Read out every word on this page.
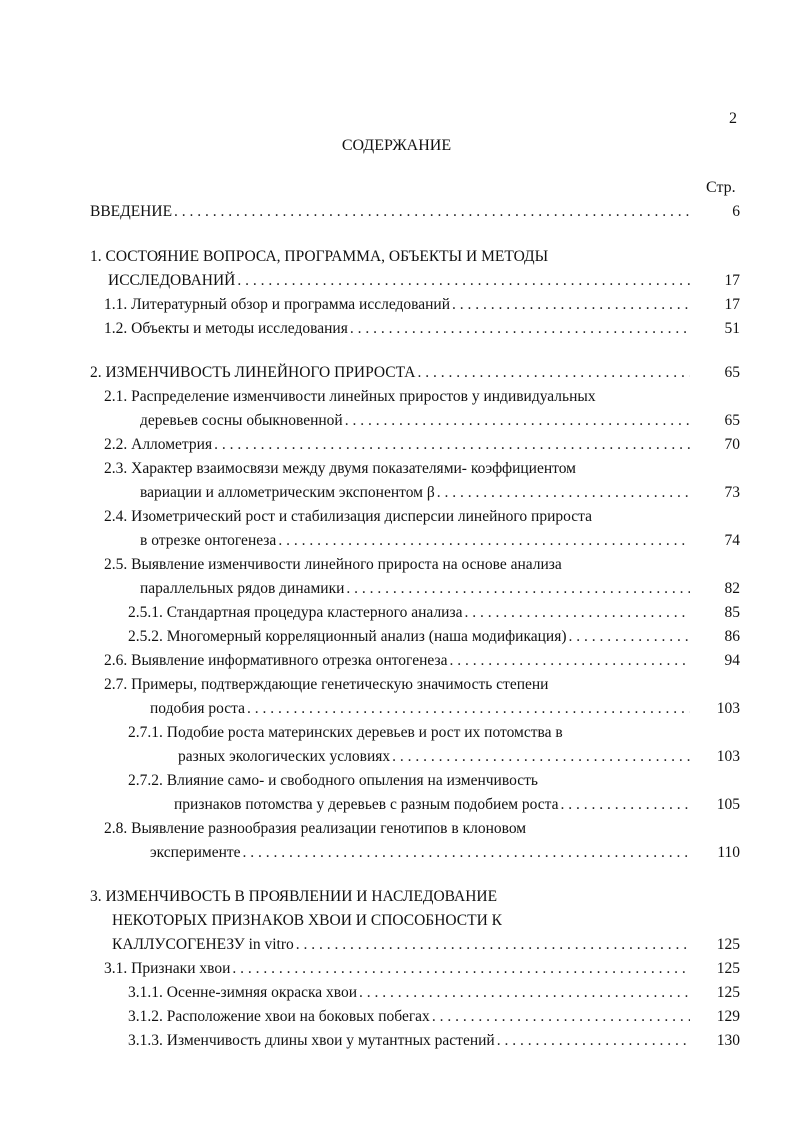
2
СОДЕРЖАНИЕ
Стр.
ВВЕДЕНИЕ . . .	6
1. СОСТОЯНИЕ ВОПРОСА, ПРОГРАММА, ОБЪЕКТЫ И МЕТОДЫ
ИССЛЕДОВАНИЙ . . .	17
1.1. Литературный обзор и программа исследований . . .	17
1.2. Объекты и методы исследования . . .	51
2. ИЗМЕНЧИВОСТЬ ЛИНЕЙНОГО ПРИРОСТА . . .	65
2.1. Распределение изменчивости линейных приростов у индивидуальных
деревьев сосны обыкновенной . . .	65
2.2. Аллометрия . . .	70
2.3. Характер взаимосвязи между двумя показателями- коэффициентом
вариации и аллометрическим экспонентом β . . .	73
2.4. Изометрический рост и стабилизация дисперсии линейного прироста
в отрезке онтогенеза . . .	74
2.5. Выявление изменчивости линейного прироста на основе анализа
параллельных рядов динамики . . .	82
2.5.1. Стандартная процедура кластерного анализа . . .	85
2.5.2. Многомерный корреляционный анализ (наша модификация) . . .	86
2.6. Выявление информативного отрезка онтогенеза . . .	94
2.7. Примеры, подтверждающие генетическую значимость степени
подобия роста . . .	103
2.7.1. Подобие роста материнских деревьев и рост их потомства в
разных экологических условиях . . .	103
2.7.2. Влияние само- и свободного опыления на изменчивость
признаков потомства у деревьев с разным подобием роста . . .	105
2.8. Выявление разнообразия реализации генотипов в клоновом
эксперименте . . .	110
3. ИЗМЕНЧИВОСТЬ В ПРОЯВЛЕНИИ И НАСЛЕДОВАНИЕ
НЕКОТОРЫХ ПРИЗНАКОВ ХВОИ И СПОСОБНОСТИ К
КАЛЛУСОГЕНЕЗУ in vitro . . .	125
3.1. Признаки хвои . . .	125
3.1.1. Осенне-зимняя окраска хвои . . .	125
3.1.2. Расположение хвои на боковых побегах . . .	129
3.1.3. Изменчивость длины хвои у мутантных растений . . .	130
